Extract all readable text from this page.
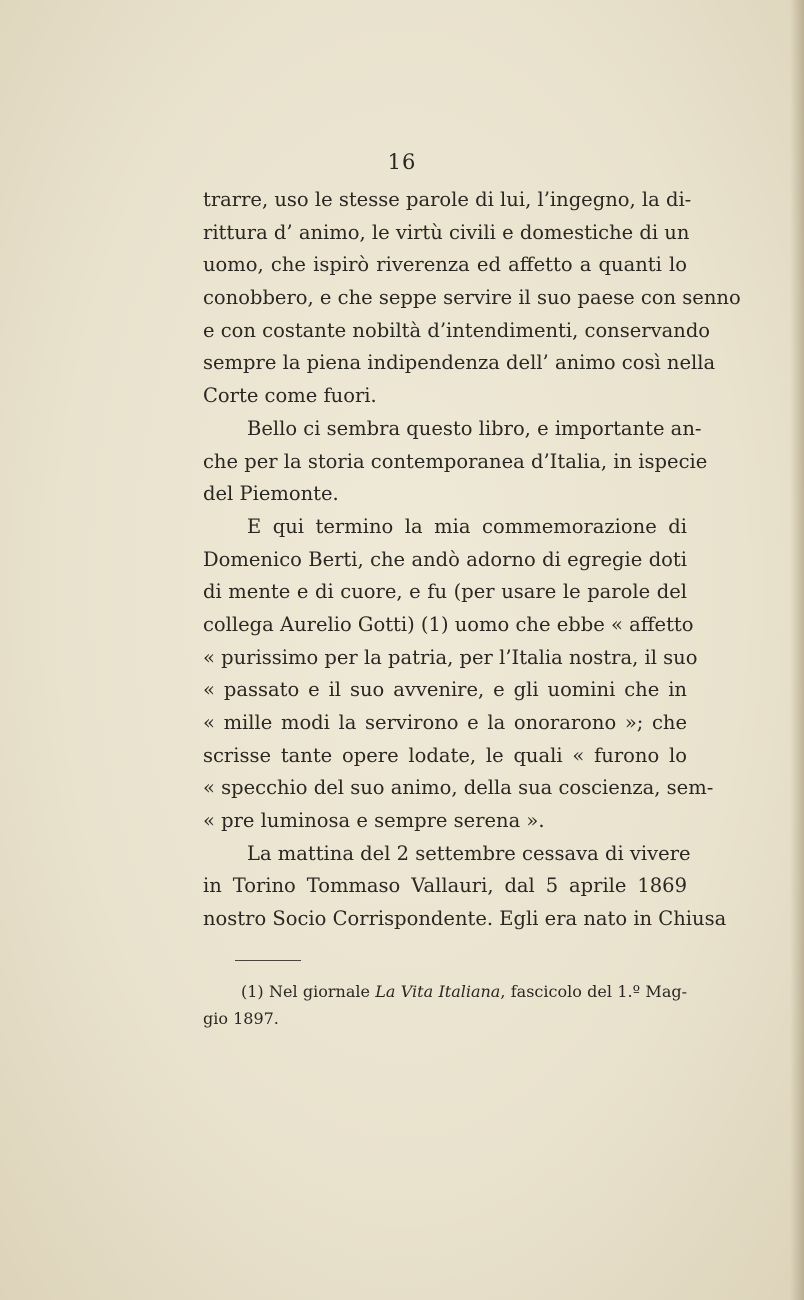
16
trarre, uso le stesse parole di lui, l’ingegno, la di-
rittura d’ animo, le virtù civili e domestiche di un
uomo, che ispirò riverenza ed affetto a quanti lo
conobbero, e che seppe servire il suo paese con senno
e con costante nobiltà d’intendimenti, conservando
sempre la piena indipendenza dell’ animo così nella
Corte come fuori.
Bello ci sembra questo libro, e importante an-
che per la storia contemporanea d’Italia, in ispecie
del Piemonte.
E qui termino la mia commemorazione di
Domenico Berti, che andò adorno di egregie doti
di mente e di cuore, e fu (per usare le parole del
collega Aurelio Gotti) (1) uomo che ebbe « affetto
« purissimo per la patria, per l’Italia nostra, il suo
« passato e il suo avvenire, e gli uomini che in
« mille modi la servirono e la onorarono »; che
scrisse tante opere lodate, le quali « furono lo
« specchio del suo animo, della sua coscienza, sem-
« pre luminosa e sempre serena ».
La mattina del 2 settembre cessava di vivere
in Torino Tommaso Vallauri, dal 5 aprile 1869
nostro Socio Corrispondente. Egli era nato in Chiusa
(1) Nel giornale La Vita Italiana, fascicolo del 1.º Mag-
gio 1897.
